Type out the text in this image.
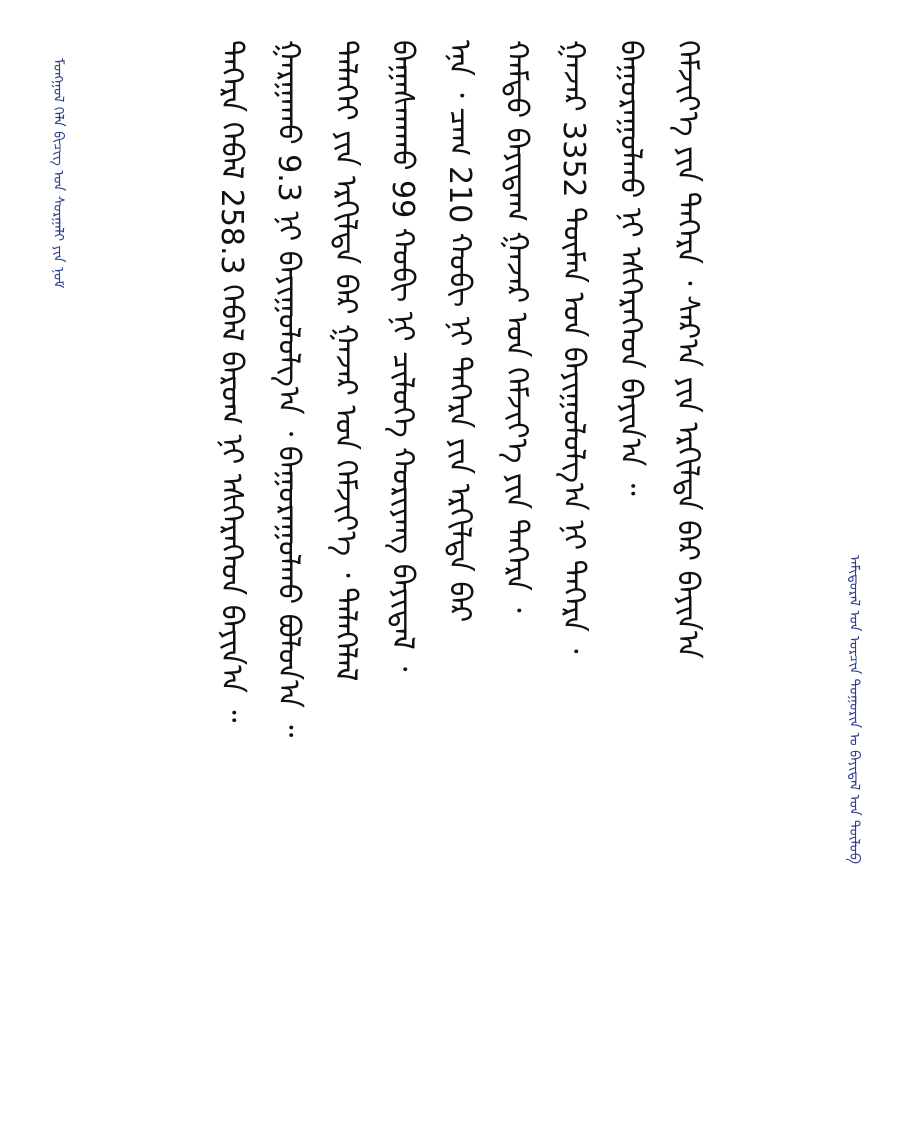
ᠠᠮᠢᠳᠤᠷᠠᠯ ᠤᠨ ᠣᠷᠴᠢᠨ ᠲᠣᠭᠣᠷᠢᠨ ᠤ ᠪᠠᠶᠢᠳᠠᠯ ᠤᠨ ᠲᠦᠯᠦᠪ
ᠲᠡᠭᠡᠷᠡ ᠭᠡᠪᠡᠯ 258.3 ᠭᠡᠪᠡᠯ ᠪᠠᠷᠤᠭ ᠨᠢ ᠡᠰᠬᠡᠷᠡᠭᠡᠳ ᠪᠠᠶᠢᠨ᠎ᠠ ᠃ ᠭᠠᠷᠭᠠᠬᠤ 9.3 ᠨᠢ ᠪᠠᠶᠢᠭᠤᠯᠤᠯᠭ᠎ᠠ ᠂ ᠪᠠᠭᠤᠷᠠᠭᠤᠯᠬᠤ ᠪᠣᠯᠤᠨ᠎ᠠ ᠃ ᠳᠡᠯᠡᠬᠡᠢ ᠶᠢᠨ ᠡᠷᠭᠢᠯᠲᠡ ᠪᠠᠷ ᠭᠠᠵᠠᠷ ᠤᠨ ᠬᠡᠮᠵᠢᠶ᠎ᠡ ᠂ ᠲᠡᠯᠡᠭᠡᠯᠡᠯ ᠪᠠᠭᠠᠰᠬᠠᠬᠤ 99 ᠬᠤᠪᠢ ᠨᠢ ᠴᠢᠯᠦᠭᠡ ᠬᠣᠷᠢᠶᠠᠩ ᠪᠠᠶᠢᠳᠠᠯ ᠂ ᠡᠨᠡ ᠂ ᠴᠠᠭ 210 ᠬᠤᠪᠢ ᠨᠢ ᠲᠡᠭᠡᠷᠡ ᠶᠢᠨ ᠡᠷᠭᠢᠯᠲᠡ ᠪᠡᠷ ᠬᠠᠮᠲᠤ ᠪᠠᠶᠢᠳᠠᠭ ᠭᠠᠵᠠᠷ ᠤᠨ ᠬᠡᠮᠵᠢᠶ᠎ᠡ ᠶᠢᠨ ᠲᠡᠭᠡᠷᠡ ᠂ ᠭᠠᠵᠠᠷ 3352 ᠲᠦᠮᠡᠨ ᠤᠨ ᠪᠠᠶᠢᠭᠤᠯᠤᠯᠭ᠎ᠠ ᠨᠢ ᠲᠡᠭᠡᠷᠡ ᠂ ᠪᠠᠭᠤᠷᠠᠭᠤᠯᠬᠤ ᠨᠢ ᠡᠰᠬᠡᠷᠡᠭᠡᠳ ᠪᠠᠶᠢᠨ᠎ᠠ ᠃ ᠬᠡᠮᠵᠢᠶ᠎ᠡ ᠶᠢᠨ ᠲᠡᠭᠡᠷᠡ ᠂ ᠰᠠᠷ᠎ᠠ ᠶᠢᠨ ᠡᠷᠭᠢᠯᠲᠡ ᠪᠡᠷ ᠪᠠᠶᠢᠨ᠎ᠠ
ᠮᠣᠩᠭᠣᠯ ᠬᠡᠯᠡ ᠪᠢᠴᠢᠭ ᠤᠨ ᠰᠤᠷᠭᠠᠯᠢ ᠶᠢᠨ ᠨᠣᠮ
